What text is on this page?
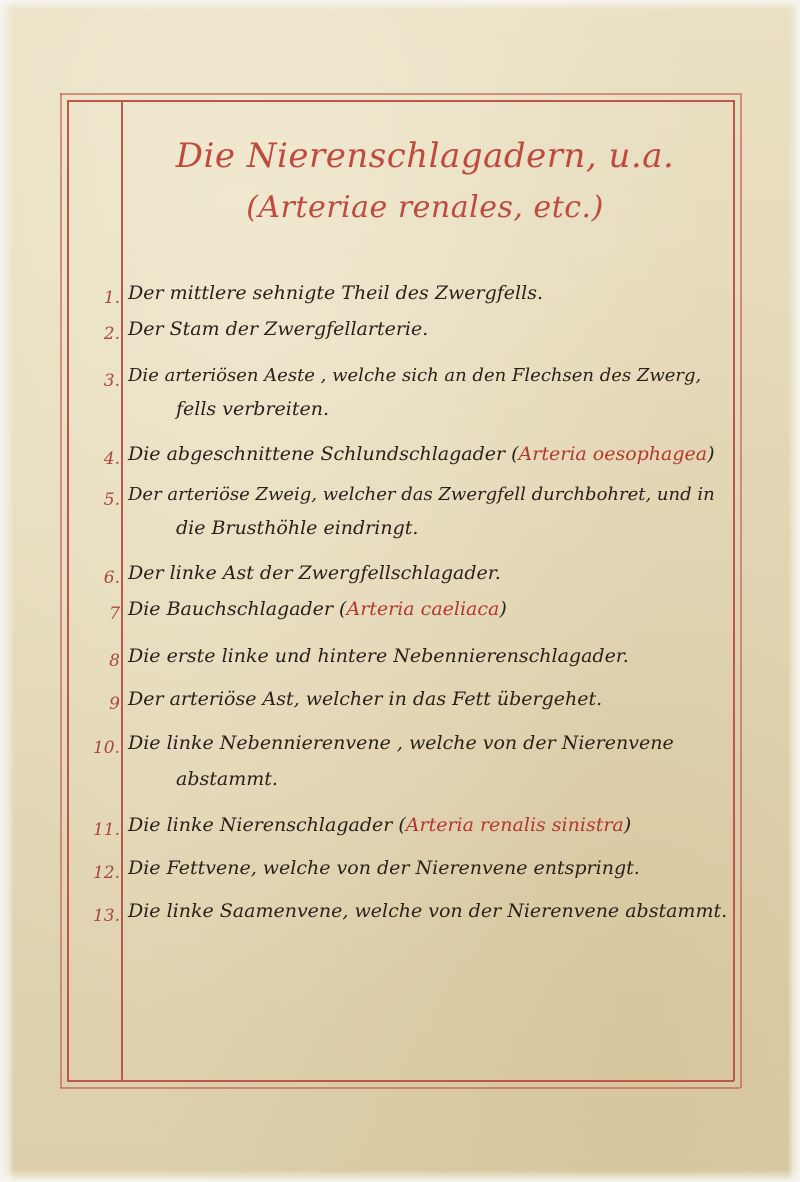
Die Nierenschlagadern, u.a.
(Arteriae renales, etc.)
1. Der mittlere sehnigte Theil des Zwergfells.
2. Der Stam der Zwergfellarterie.
3. Die arteriösen Aeste , welche sich an den Flechsen des Zwerg,
fells verbreiten.
4. Die abgeschnittene Schlundschlagader (Arteria oesophagea)
5. Der arteriöse Zweig, welcher das Zwergfell durchbohret, und in
die Brusthöhle eindringt.
6. Der linke Ast der Zwergfellschlagader.
7 Die Bauchschlagader (Arteria caeliaca)
8 Die erste linke und hintere Nebennierenschlagader.
9 Der arteriöse Ast, welcher in das Fett übergehet.
10. Die linke Nebennierenvene , welche von der Nierenvene
abstammt.
11. Die linke Nierenschlagader (Arteria renalis sinistra)
12. Die Fettvene, welche von der Nierenvene entspringt.
13. Die linke Saamenvene, welche von der Nierenvene abstammt.
